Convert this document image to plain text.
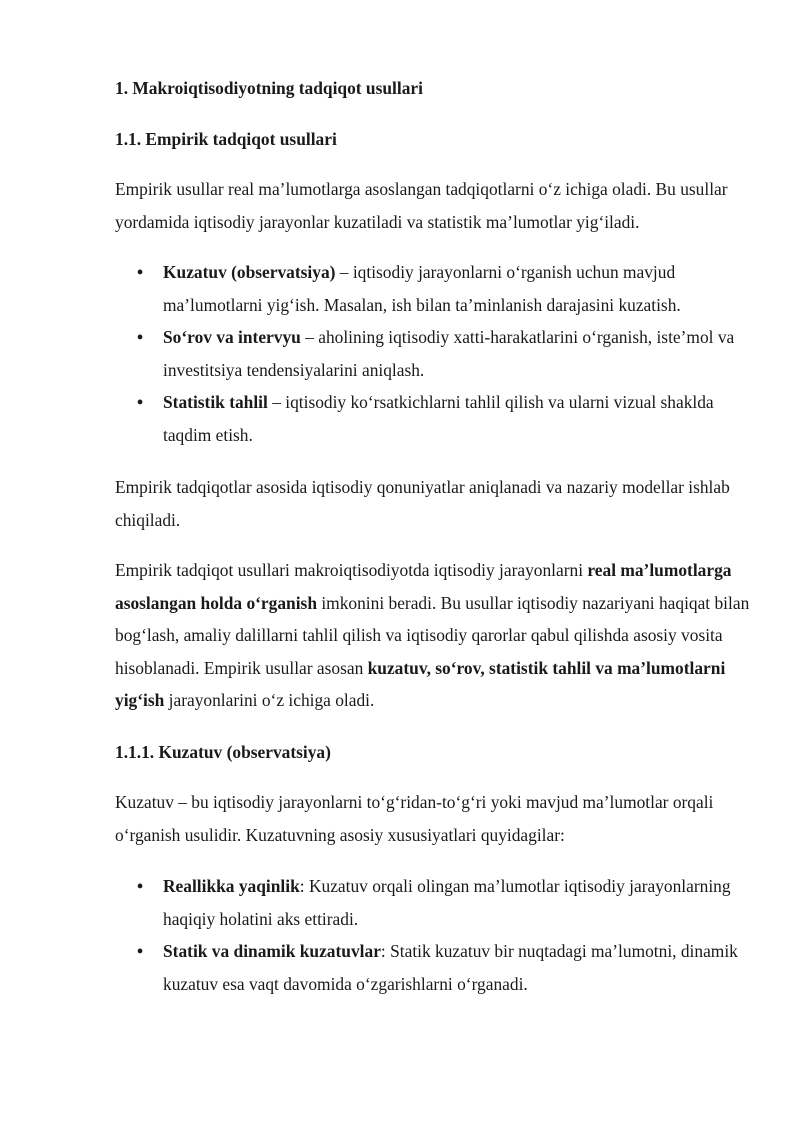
1. Makroiqtisodiyotning tadqiqot usullari

1.1. Empirik tadqiqot usullari

Empirik usullar real ma’lumotlarga asoslangan tadqiqotlarni o‘z ichiga oladi. Bu usullar yordamida iqtisodiy jarayonlar kuzatiladi va statistik ma’lumotlar yig‘iladi.

• Kuzatuv (observatsiya) – iqtisodiy jarayonlarni o‘rganish uchun mavjud ma’lumotlarni yig‘ish. Masalan, ish bilan ta’minlanish darajasini kuzatish.
• So‘rov va intervyu – aholining iqtisodiy xatti-harakatlarini o‘rganish, iste’mol va investitsiya tendensiyalarini aniqlash.
• Statistik tahlil – iqtisodiy ko‘rsatkichlarni tahlil qilish va ularni vizual shaklda taqdim etish.

Empirik tadqiqotlar asosida iqtisodiy qonuniyatlar aniqlanadi va nazariy modellar ishlab chiqiladi.

Empirik tadqiqot usullari makroiqtisodiyotda iqtisodiy jarayonlarni real ma’lumotlarga asoslangan holda o‘rganish imkonini beradi. Bu usullar iqtisodiy nazariyani haqiqat bilan bog‘lash, amaliy dalillarni tahlil qilish va iqtisodiy qarorlar qabul qilishda asosiy vosita hisoblanadi. Empirik usullar asosan kuzatuv, so‘rov, statistik tahlil va ma’lumotlarni yig‘ish jarayonlarini o‘z ichiga oladi.

1.1.1. Kuzatuv (observatsiya)

Kuzatuv – bu iqtisodiy jarayonlarni to‘g‘ridan-to‘g‘ri yoki mavjud ma’lumotlar orqali o‘rganish usulidir. Kuzatuvning asosiy xususiyatlari quyidagilar:

• Reallikka yaqinlik: Kuzatuv orqali olingan ma’lumotlar iqtisodiy jarayonlarning haqiqiy holatini aks ettiradi.
• Statik va dinamik kuzatuvlar: Statik kuzatuv bir nuqtadagi ma’lumotni, dinamik kuzatuv esa vaqt davomida o‘zgarishlarni o‘rganadi.
